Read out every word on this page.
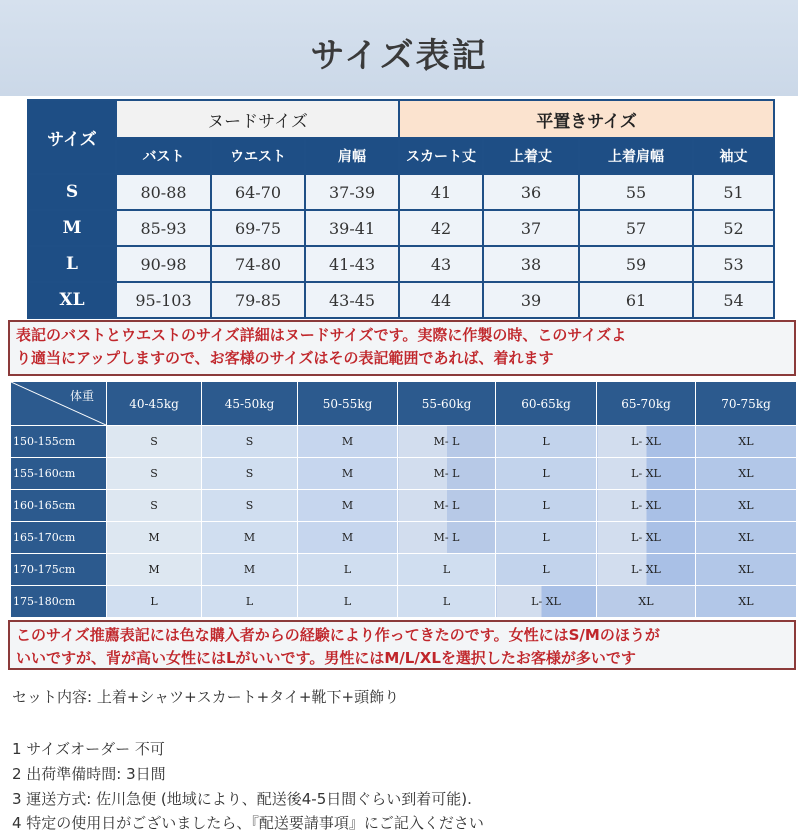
サイズ表記
サイズ	ヌードサイズ			平置きサイズ			
	バスト	ウエスト	肩幅	スカート丈	上着丈	上着肩幅	袖丈
S	80-88	64-70	37-39	41	36	55	51
M	85-93	69-75	39-41	42	37	57	52
L	90-98	74-80	41-43	43	38	59	53
XL	95-103	79-85	43-45	44	39	61	54
表記のバストとウエストのサイズ詳細はヌードサイズです。実際に作製の時、このサイズよ
り適当にアップしますので、お客様のサイズはその表記範囲であれば、着れます
体重	40-45kg	45-50kg	50-55kg	55-60kg	60-65kg	65-70kg	70-75kg
150-155cm	S	S	M	M- L	L	L- XL	XL
155-160cm	S	S	M	M- L	L	L- XL	XL
160-165cm	S	S	M	M- L	L	L- XL	XL
165-170cm	M	M	M	M- L	L	L- XL	XL
170-175cm	M	M	L	L	L	L- XL	XL
175-180cm	L	L	L	L	L- XL	XL	XL
このサイズ推薦表記には色な購入者からの経験により作ってきたのです。女性にはS/Mのほうが
いいですが、背が高い女性にはLがいいです。男性にはM/L/XLを選択したお客様が多いです
セット内容: 上着+シャツ+スカート+タイ+靴下+頭飾り
1 サイズオーダー 不可
2 出荷準備時間: 3日間
3 運送方式: 佐川急便 (地域により、配送後4-5日間ぐらい到着可能).
4 特定の使用日がございましたら、『配送要請事項』にご記入ください
